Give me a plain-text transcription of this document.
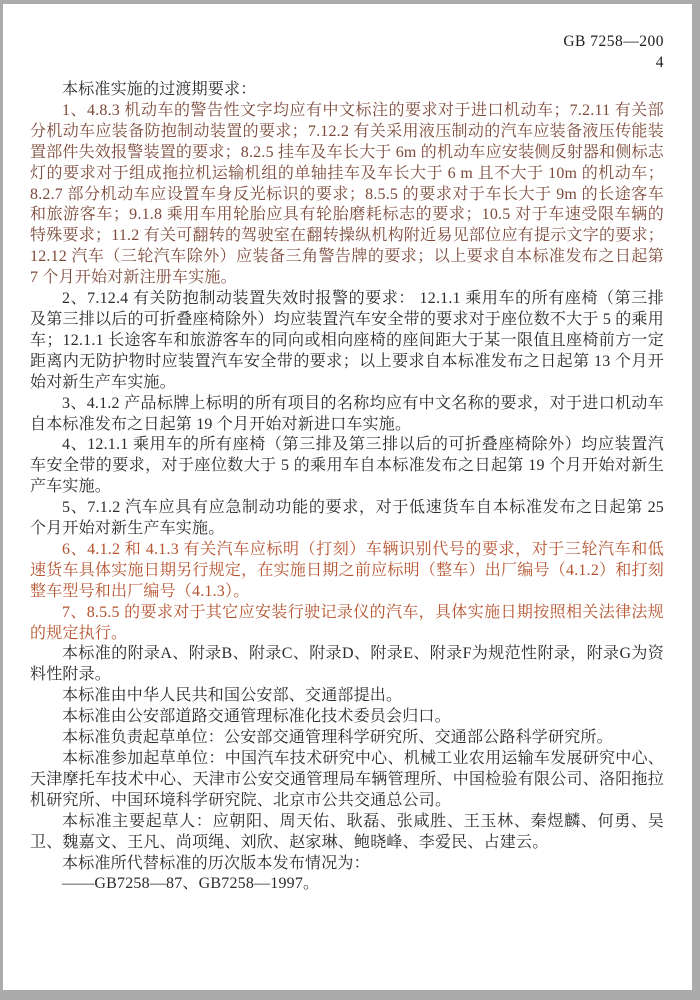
GB 7258—200
4

本标准实施的过渡期要求：

1、4.8.3 机动车的警告性文字均应有中文标注的要求对于进口机动车；7.2.11 有关部分机动车应装备防抱制动装置的要求；7.12.2 有关采用液压制动的汽车应装备液压传能装置部件失效报警装置的要求；8.2.5 挂车及车长大于 6m 的机动车应安装侧反射器和侧标志灯的要求对于组成拖拉机运输机组的单轴挂车及车长大于 6 m 且不大于 10m 的机动车；8.2.7 部分机动车应设置车身反光标识的要求；8.5.5 的要求对于车长大于 9m 的长途客车和旅游客车；9.1.8 乘用车用轮胎应具有轮胎磨耗标志的要求；10.5 对于车速受限车辆的特殊要求；11.2 有关可翻转的驾驶室在翻转操纵机构附近易见部位应有提示文字的要求；12.12 汽车（三轮汽车除外）应装备三角警告牌的要求；以上要求自本标准发布之日起第 7 个月开始对新注册车实施。

2、7.12.4 有关防抱制动装置失效时报警的要求： 12.1.1 乘用车的所有座椅（第三排及第三排以后的可折叠座椅除外）均应装置汽车安全带的要求对于座位数不大于 5 的乘用车；12.1.1 长途客车和旅游客车的同向或相向座椅的座间距大于某一限值且座椅前方一定距离内无防护物时应装置汽车安全带的要求；以上要求自本标准发布之日起第 13 个月开始对新生产车实施。

3、4.1.2 产品标牌上标明的所有项目的名称均应有中文名称的要求，对于进口机动车自本标准发布之日起第 19 个月开始对新进口车实施。

4、12.1.1 乘用车的所有座椅（第三排及第三排以后的可折叠座椅除外）均应装置汽车安全带的要求，对于座位数大于 5 的乘用车自本标准发布之日起第 19 个月开始对新生产车实施。

5、7.1.2 汽车应具有应急制动功能的要求，对于低速货车自本标准发布之日起第 25 个月开始对新生产车实施。

6、4.1.2 和 4.1.3 有关汽车应标明（打刻）车辆识别代号的要求，对于三轮汽车和低速货车具体实施日期另行规定，在实施日期之前应标明（整车）出厂编号（4.1.2）和打刻整车型号和出厂编号（4.1.3）。

7、8.5.5 的要求对于其它应安装行驶记录仪的汽车，具体实施日期按照相关法律法规的规定执行。

本标准的附录A、附录B、附录C、附录D、附录E、附录F为规范性附录，附录G为资料性附录。

本标准由中华人民共和国公安部、交通部提出。

本标准由公安部道路交通管理标准化技术委员会归口。

本标准负责起草单位：公安部交通管理科学研究所、交通部公路科学研究所。

本标准参加起草单位：中国汽车技术研究中心、机械工业农用运输车发展研究中心、天津摩托车技术中心、天津市公安交通管理局车辆管理所、中国检验有限公司、洛阳拖拉机研究所、中国环境科学研究院、北京市公共交通总公司。

本标准主要起草人：应朝阳、周天佑、耿磊、张咸胜、王玉林、秦煜麟、何勇、吴卫、魏嘉文、王凡、尚项绳、刘欣、赵家琳、鲍晓峰、李爱民、占建云。

本标准所代替标准的历次版本发布情况为：

——GB7258—87、GB7258—1997。
